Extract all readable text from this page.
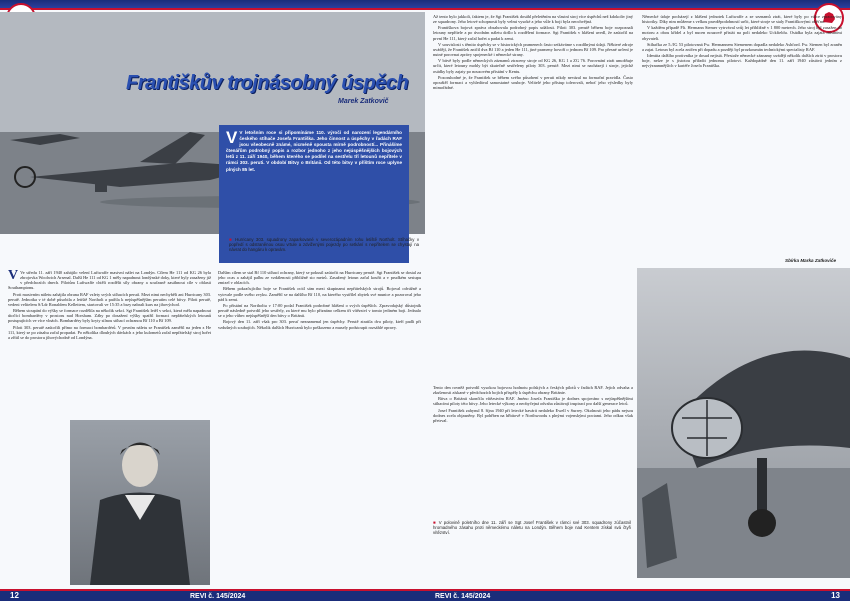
Františkův trojnásobný úspěch
Marek Zatkovič
V V letošním roce si připomínáme 110. výročí od narození legendárního českého stíhače Josefa Františka. Jeho činnost a úspěchy v řadách RAF jsou všeobecně známé, nicméně spousta mírně podrobností... Přinášíme čtenářům podrobný popis a rozbor jednoho z jeho nejúspěšnějších bojových letů z 11. září 1940, během kterého se podílel na sestřelu tří letounů nepřítele v rámci 303. peruti. V období Bitvy o Británii. Od této bitvy v příštím roce uplyne plných 85 let.
■ Hurricany 303. squadrony zaparkované v severozápadním rohu letiště Northolt. Stíhačky v popředí s odstraněnou osou vrtule a zdviženými pojezdy po setkání s nepřítelem se chystají na návrat do hangáru k opravám.

V Ve středu 11. září 1940 zahájilo velení Luftwaffe masivní nálet na Londýn. Cílem He 111 od KG 26 byla zbrojovka Woolwich Arsenal. Další He 111 od KG 1 měly napadnout londýnské doky, které byly zasaženy již v předchozích dnech. Pilotům Luftwaffe chtěli rozdělit síly obrany a současně zasáhnout cíle v oblasti Southamptonu.

Proti masivním náletu zahájila obrana RAF vzlety svých stíhacích perutí. Mezi nimi nechyběli ani Hurricany 303. perutě. Jednotka v té době působila z letiště Northolt a patřila k nejúspěšnějším perutím celé bitvy. Piloti perutě, vedeni velitelem S/Ldr Ronaldem Kellettem, startovali ve 15:35 a brzy nabrali kurs na jihovýchod.

Během stoupání do výšky se formace rozdělila na několik sekcí. Sgt František letěl v sekci, která měla napadnout útočící bombardéry v prostoru nad Horsham. Záhy po dosažení výšky spatřil formaci nepřátelských letounů postupujících ve více vlnách. Bombardéry byly kryty silnou stíhací ochranou Bf 110 a Bf 109.

Piloti 303. perutě zaútočili přímo na formaci bombardérů. V prvním náletu se František zaměřil na jeden z He 111, který se po zásahu začal propadat. Po několika dlouhých dávkách z jeho kulometů začal nepřátelský stroj hořet a zřítil se do prostoru jihovýchodně od Londýna.

Dalším cílem se stal Bf 110 stíhací ochrany, který se pokusil zaútočit na Hurricany perutě. Sgt František se dostal za jeho ocas a zahájil palbu ze vzdálenosti přibližně sto metrů. Zasažený letoun začal kouřit a v prudkém sestupu zmizel v oblacích.

Během pokračujícího boje se František ocitl sám mezi skupinami nepřátelských strojů. Bojoval odvážně a vytrvale podle svého zvyku. Zaměřil se na dalšího Bf 110, na kterého vystřílel zbytek své munice a pozoroval jeho pád k zemi.

Po přistání na Northoltu v 17:00 podal František podrobné hlášení o svých úspěších. Zpravodajský důstojník perutě následně potvrdil jeho sestřely, za které mu bylo přiznáno celkem tři vítězství v tomto jediném boji. Jednalo se o jeho vůbec nejúspěšnější den bitvy o Británii.

Bojový den 11. září však pro 303. peruť neznamenal jen úspěchy. Perutě ztratila dva piloty, kteří padli při vzdušných soubojích. Několik dalších Hurricanů bylo poškozeno a musely podstoupit rozsáhlé opravy.

12	REVI č. 145/2024

Až tento bylo jakkoli, faktem je, že Sgt František dosáhl přeletěním na vlastní stroj více úspěchů než kdokoliv jiný ze squadrony. Jeho letové schopnosti byly velmi vysoké a jeho vůle k boji byla neochvějná.

Františkova bojová zpráva obsahovala podrobný popis události. Piloti 303. perutě během boje rozpoznali letouny nepřítele a po úvodním náletu došlo k rozdělení formace. Sgt František v hlášení uvedl, že zaútočil na první He 111, který začal hořet a padat k zemi.

V souvislosti s těmito úspěchy se v historických pramenech často setkáváme s rozdílnými údaji. Některé zdroje uvádějí, že František zničil dva Bf 110 a jeden He 111, jiné prameny hovoří o jednom Bf 109. Pro přesné určení je nutné porovnat zprávy spojenecké i německé strany.

V bitvě byly podle německých záznamů ztraceny stroje od KG 26, KG 1 a ZG 76. Porovnání ztrát umožňuje určit, které letouny mohly být skutečně sestřeleny piloty 303. perutě. Mezi nimi se nacházejí i stroje, jejichž osádky byly zajaty po nouzovém přistání v Kentu.

Pozoruhodné je, že František se během svého působení v peruti nikdy nevázal na formační pravidla. Často opouštěl formaci a vyhledával samostatné souboje. Velitelé jeho přístup tolerovali, neboť jeho výsledky byly mimořádné.

Německé údaje pocházejí z hlášení jednotek Luftwaffe a ze seznamů ztrát, které byly po válce zpracovány historiky. Díky nim můžeme s velkou pravděpodobností určit, které stroje se staly Františkovými oběťmi.

V každém případě Flt. Hermann Siemer vytrvával svůj let přibližně v 1 800 metrech. Jeho stroj byl zasažen do motoru a obou křídel a byl nucen nouzově přistát na poli nedaleko Uckfieldu. Osádka byla zajata místními obyvateli.

Stíhačka ze 5./JG 53 pilotovaná Fw. Hermannem Siemenem dopadla nedaleko Ashford. Fw. Siemen byl zraněn a zajat. Letoun byl zcela zničen při dopadu a později byl prozkoumán technickými specialisty RAF.

Identita dalšího protivníka je dosud nejistá. Přestože německé záznamy uvádějí několik dalších ztrát v prostoru boje, nelze je s jistotou přiřadit jednomu pilotovi. Každopádně den 11. září 1940 zůstává jedním z nejvýznamnějších v kariéře Josefa Františka.

Sbírka Marka Zatkoviče

Tento den rovněž potvrdil vysokou bojovou hodnotu polských a českých pilotů v řadách RAF. Jejich odvaha a zkušenosti získané v předchozích bojích přispěly k úspěchu obrany Británie.

Bitva o Británii skončila vítězstvím RAF. Jméno Josefa Františka je dodnes spojováno s nejúspěšnějšími stíhacími piloty této bitvy. Jeho letecké výkony a neobyčejná odvaha zůstávají inspirací pro další generace letců.

Josef František zahynul 8. října 1940 při letecké havárii nedaleko Ewell v Surrey. Okolnosti jeho pádu nejsou dodnes zcela objasněny. Byl pohřben na hřbitově v Northwoodu s plnými vojenskými poctami. Jeho odkaz však přetrval.

■ V polovině poletního dne 11. září se Sgt Josef František v rámci své 303. squadrony zúčastnil hromadného zásahu proti německému náletu na Londýn. Během boje nad Kentem získal svá čtyři vítězství.
REVI č. 145/2024	13
